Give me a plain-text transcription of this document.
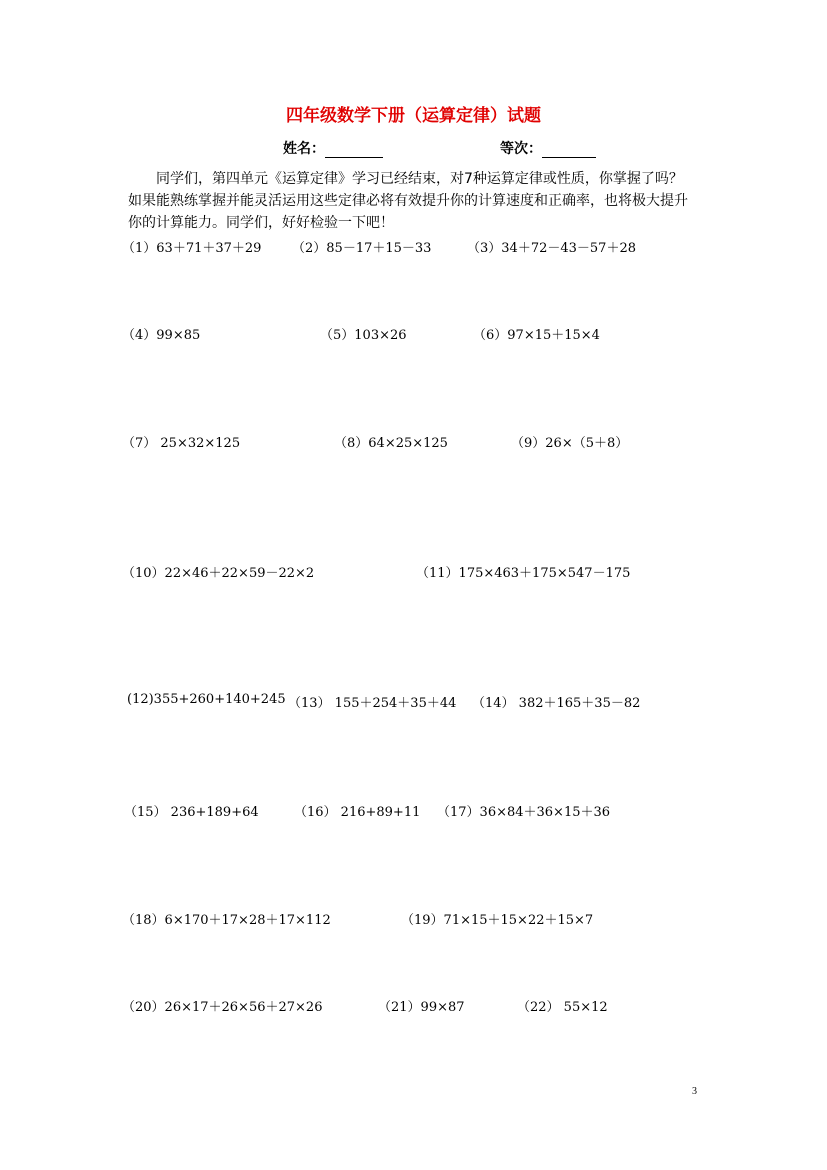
四年级数学下册（运算定律）试题
姓名：	等次：

同学们，第四单元《运算定律》学习已经结束，对7种运算定律或性质，你掌握了吗？

如果能熟练掌握并能灵活运用这些定律必将有效提升你的计算速度和正确率，也将极大提升

你的计算能力。同学们，好好检验一下吧！

（1）63＋71＋37＋29 （2）85－17＋15－33	（3）34＋72－43－57＋28
（4）99×85	（5）103×26	（6）97×15＋15×4
（7） 25×32×125	（8）64×25×125	（9）26×（5＋8）
（10）22×46＋22×59－22×2	（11）175×463＋175×547－175
(12)355+260+140+245 （13） 155＋254＋35＋44 （14） 382＋165＋35－82
（15） 236+189+64	（16） 216+89+11 （17）36×84＋36×15＋36
（18）6×170＋17×28＋17×112	（19）71×15＋15×22＋15×7
（20）26×17＋26×56＋27×26	（21）99×87	（22） 55×12
3
